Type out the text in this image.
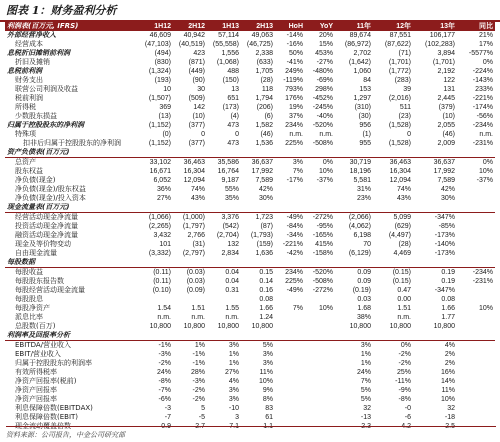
图表 1：财务盈利分析
利润表(百万元, IFRS)	1H12	2H12	1H13	2H13	HoH	YoY	11年	12年	13年	同比
外部经营净收入	46,609	40,942	57,114	49,063	-14%	20%	89,674	87,551	106,177	21%
经营成本	(47,103)	(40,519)	(55,558)	(46,725)	-16%	15%	(86,972)	(87,622)	(102,283)	17%
息税折旧摊销前利润	(494)	423	1,556	2,338	50%	453%	2,702	(71)	3,894	-5577%
折旧及摊销	(830)	(871)	(1,068)	(633)	-41%	-27%	(1,642)	(1,701)	(1,701)	0%
息税前利润	(1,324)	(449)	488	1,705	249%	-480%	1,060	(1,772)	2,192	-224%
财务支出	(193)	(90)	(150)	(28)	-119%	-69%	84	(283)	122	-143%
联营公司利润及收益	10	30	13	118	793%	298%	153	39	131	233%
税前利润	(1,507)	(509)	651	1,794	176%	-452%	1,297	(2,016)	2,445	-221%
所得税	369	142	(173)	(206)	19%	-245%	(310)	511	(379)	-174%
少数股东损益	(13)	(10)	(4)	(6)	37%	-40%	(30)	(23)	(10)	-56%
归属于控股股东的净利润	(1,152)	(377)	473	1,582	234%	-520%	956	(1,528)	2,055	-234%
特殊项	(0)	0	0	(46)	n.m.	n.m.	(1)	0	(46)	n.m.
扣非后归属于控股股东的净利润	(1,152)	(377)	473	1,536	225%	-508%	955	(1,528)	2,009	-231%
资产负债表(百万元)										
总资产	33,102	36,463	35,586	36,637	3%	0%	30,719	36,463	36,637	0%
股东权益	16,671	16,304	16,764	17,992	7%	10%	18,196	16,304	17,992	10%
净负债(现金)	6,052	12,094	9,187	7,589	-17%	-37%	5,581	12,094	7,589	-37%
净负债(现金)/股东权益	36%	74%	55%	42%			31%	74%	42%	
净负债(现金)/投入资本	27%	43%	35%	30%			23%	43%	30%	
现金流量表(百万元)										
经营活动现金净流量	(1,066)	(1,000)	3,376	1,723	-49%	-272%	(2,066)	5,099	-347%	
投资活动现金净流量	(2,265)	(1,797)	(542)	(87)	-84%	-95%	(4,062)	(629)	-85%	
融资活动现金净流量	3,432	2,766	(2,704)	(1,793)	-34%	-165%	6,198	(4,497)	-173%	
现金及等价物变动	101	(31)	132	(159)	-221%	415%	70	(28)	-140%	
自由现金流量	(3,332)	(2,797)	2,834	1,636	-42%	-158%	(6,129)	4,469	-173%	
每股数据										
每股收益	(0.11)	(0.03)	0.04	0.15	234%	-520%	0.09	(0.15)	0.19	-234%
每股股东报告数	(0.11)	(0.03)	0.04	0.14	225%	-508%	0.09	(0.15)	0.19	-231%
每股经营活动现金流量	(0.10)	(0.09)	0.31	0.16	-49%	-272%	(0.19)	0.47	-347%	
每股股息				0.08			0.03	0.00	0.08	
每股净资产	1.54	1.51	1.55	1.66	7%	10%	1.68	1.51	1.66	10%
派息比率	n.m.	n.m.	n.m.	1.24			38%	n.m.	1.77	
总股数(百万)	10,800	10,800	10,800	10,800			10,800	10,800	10,800	
利润率及回报率分析										
EBITDA/营业收入	-1%	1%	3%	5%			3%	0%	4%	
EBIT/营业收入	-3%	-1%	1%	3%			1%	-2%	2%	
归属于控股股东的利润率	-2%	-1%	1%	3%			1%	-2%	2%	
有效所得税率	24%	28%	27%	11%			24%	25%	16%	
净资产回报率(税前)	-8%	-3%	4%	10%			7%	-11%	14%	
净资产回报率	-7%	-2%	3%	9%			5%	-9%	11%	
净资产回报率	-6%	-2%	3%	8%			5%	-8%	10%	
利息保障倍数(EBITDAX)	-3	5	-10	83			32	-0	32	
利息保障倍数(EBIT)	-7	-5	3	61			-13	-6	-18	
现金流动覆盖倍数	0.9	2.7	7.1	1.1			2.3	4.2	2.5	
资料来源：公司报告，中金公司研究部
